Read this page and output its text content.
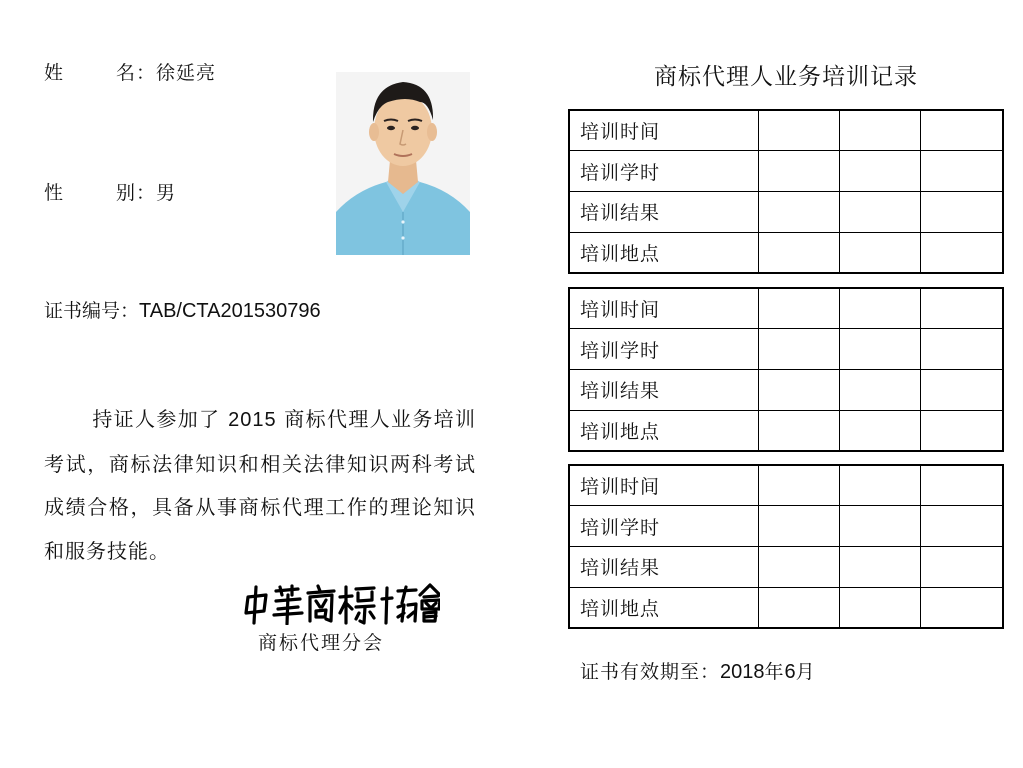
姓	名：徐延亮
性	别：男
证书编号：TAB/CTA201530796
持证人参加了 2015 商标代理人业务培训考试，商标法律知识和相关法律知识两科考试成绩合格，具备从事商标代理工作的理论知识和服务技能。
商标代理分会
商标代理人业务培训记录
培训时间			
培训学时			
培训结果			
培训地点			
培训时间			
培训学时			
培训结果			
培训地点			
培训时间			
培训学时			
培训结果			
培训地点			
证书有效期至：2018年6月
